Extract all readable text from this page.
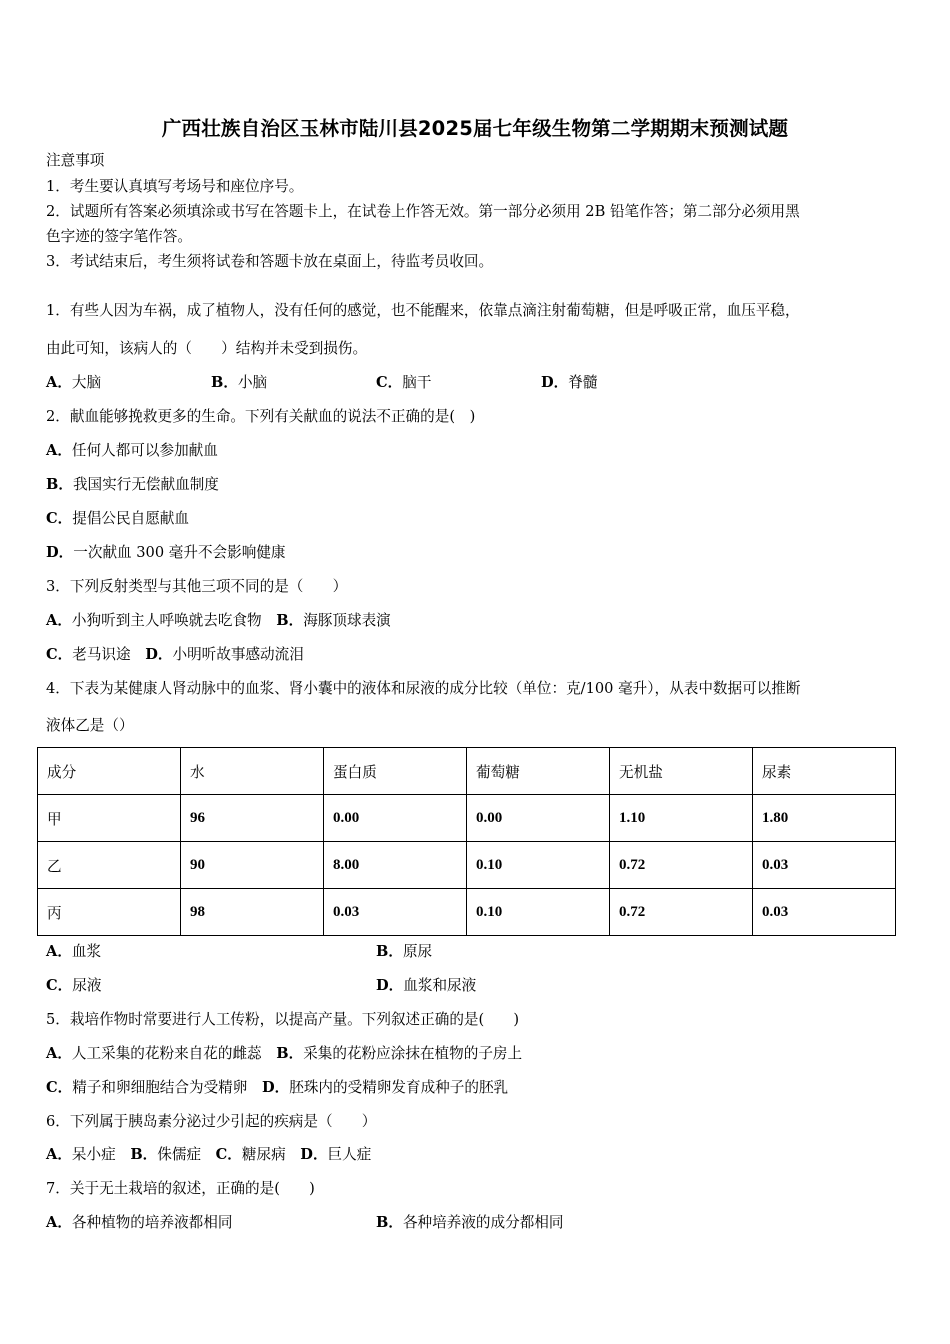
广西壮族自治区玉林市陆川县2025届七年级生物第二学期期末预测试题
注意事项
1．考生要认真填写考场号和座位序号。
2．试题所有答案必须填涂或书写在答题卡上，在试卷上作答无效。第一部分必须用 2B 铅笔作答；第二部分必须用黑
色字迹的签字笔作答。
3．考试结束后，考生须将试卷和答题卡放在桌面上，待监考员收回。
1．有些人因为车祸，成了植物人，没有任何的感觉，也不能醒来，依靠点滴注射葡萄糖，但是呼吸正常，血压平稳，
由此可知，该病人的（　　）结构并未受到损伤。
A．大脑	B．小脑	C．脑干	D．脊髓
2．献血能够挽救更多的生命。下列有关献血的说法不正确的是(　)
A．任何人都可以参加献血
B．我国实行无偿献血制度
C．提倡公民自愿献血
D．一次献血 300 毫升不会影响健康
3．下列反射类型与其他三项不同的是（　　）
A．小狗听到主人呼唤就去吃食物　 B．海豚顶球表演
C．老马识途　 D．小明听故事感动流泪
4．下表为某健康人肾动脉中的血浆、肾小囊中的液体和尿液的成分比较（单位：克/100 毫升），从表中数据可以推断
液体乙是（）
成分	水	蛋白质	葡萄糖	无机盐	尿素
甲	96	0.00	0.00	1.10	1.80
乙	90	8.00	0.10	0.72	0.03
丙	98	0.03	0.10	0.72	0.03
A．血浆	B．原尿
C．尿液	D．血浆和尿液
5．栽培作物时常要进行人工传粉，以提高产量。下列叙述正确的是(　　)
A．人工采集的花粉来自花的雌蕊　 B．采集的花粉应涂抹在植物的子房上
C．精子和卵细胞结合为受精卵　 D．胚珠内的受精卵发育成种子的胚乳
6．下列属于胰岛素分泌过少引起的疾病是（　　）
A．呆小症　 B．侏儒症　 C．糖尿病　 D．巨人症
7．关于无土栽培的叙述，正确的是(　　)
A．各种植物的培养液都相同	B．各种培养液的成分都相同
